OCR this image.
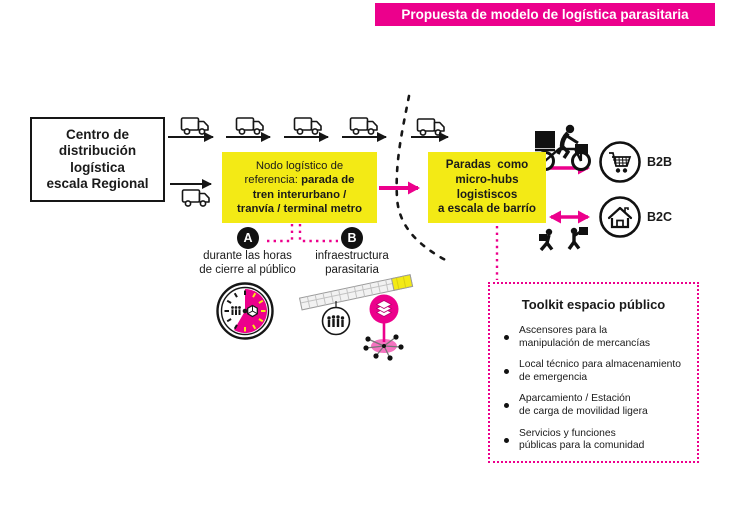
Propuesta de modelo de logística parasitaria
Centro de
distribución
logística
escala Regional
Nodo logístico de
referencia: parada de
tren interurbano /
tranvía / terminal metro
Paradas  como
micro-hubs
logistiscos
a escala de barrío
A	B
durante las horas
de cierre al público
infraestructura
parasitaria
B2B
B2C
Toolkit espacio público
Ascensores para la
manipulación de mercancías
Local técnico para almacenamiento
de emergencia
Aparcamiento / Estación
de carga de movilidad ligera
Servicios y funciones
públicas para la comunidad
